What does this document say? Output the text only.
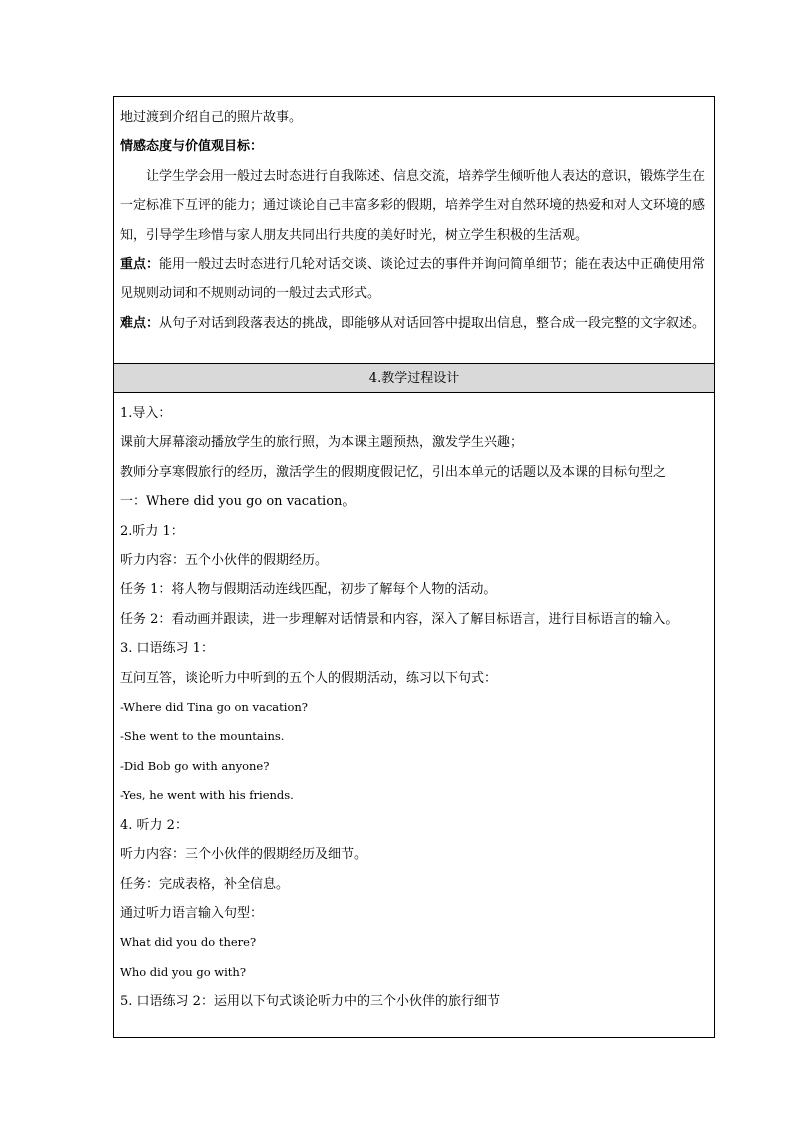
地过渡到介绍自己的照片故事。

情感态度与价值观目标：

让学生学会用一般过去时态进行自我陈述、信息交流，培养学生倾听他人表达的意识，锻炼学生在一定标准下互评的能力；通过谈论自己丰富多彩的假期，培养学生对自然环境的热爱和对人文环境的感知，引导学生珍惜与家人朋友共同出行共度的美好时光，树立学生积极的生活观。

重点：能用一般过去时态进行几轮对话交谈、谈论过去的事件并询问简单细节；能在表达中正确使用常见规则动词和不规则动词的一般过去式形式。

难点：从句子对话到段落表达的挑战，即能够从对话回答中提取出信息，整合成一段完整的文字叙述。

4.教学过程设计

1.导入：

课前大屏幕滚动播放学生的旅行照，为本课主题预热，激发学生兴趣；

教师分享寒假旅行的经历，激活学生的假期度假记忆，引出本单元的话题以及本课的目标句型之

一：Where did you go on vacation。

2.听力 1：

听力内容：五个小伙伴的假期经历。

任务 1：将人物与假期活动连线匹配，初步了解每个人物的活动。

任务 2：看动画并跟读，进一步理解对话情景和内容，深入了解目标语言，进行目标语言的输入。

3. 口语练习 1：

互问互答，谈论听力中听到的五个人的假期活动，练习以下句式：

-Where did Tina go on vacation?

-She went to the mountains.

-Did Bob go with anyone?

-Yes, he went with his friends.

4. 听力 2：

听力内容：三个小伙伴的假期经历及细节。

任务：完成表格，补全信息。

通过听力语言输入句型：

What did you do there?

Who did you go with?

5. 口语练习 2：运用以下句式谈论听力中的三个小伙伴的旅行细节
